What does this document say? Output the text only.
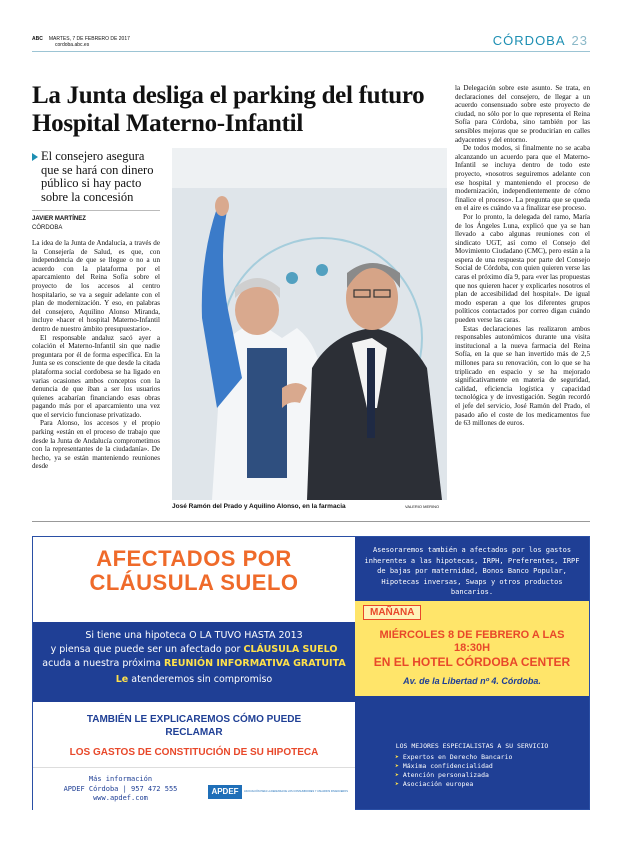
ABC MARTES, 7 DE FEBRERO DE 2017
cordoba.abc.es	CÓRDOBA 23
La Junta desliga el parking del futuro Hospital Materno-Infantil
El consejero asegura que se hará con dinero público si hay pacto sobre la concesión
JAVIER MARTÍNEZ
CÓRDOBA

La idea de la Junta de Andalucía, a través de la Consejería de Salud, es que, con independencia de que se llegue o no a un acuerdo con la plataforma por el aparcamiento del Reina Sofía sobre el proyecto de los accesos al centro hospitalario, se va a seguir adelante con el plan de modernización. Y eso, en palabras del consejero, Aquilino Alonso Miranda, incluye «hacer el hospital Materno-Infantil dentro de nuestro ámbito presupuestario».

El responsable andaluz sacó ayer a colación el Materno-Infantil sin que nadie preguntara por él de forma específica. En la Junta se es consciente de que desde la citada plataforma social cordobesa se ha ligado en varias ocasiones ambos conceptos con la denuncia de que iban a ser los usuarios quienes acabarían financiando esas obras pagando más por el aparcamiento una vez que el servicio funcionase privatizado.

Para Alonso, los accesos y el propio parking «están en el proceso de trabajo que desde la Junta de Andalucía comprometimos con la representantes de la ciudadanía». De hecho, ya se están manteniendo reuniones desde

José Ramón del Prado y Aquilino Alonso, en la farmacia	VALERIO MERINO

la Delegación sobre este asunto. Se trata, en declaraciones del consejero, de llegar a un acuerdo consensuado sobre este proyecto de ciudad, no sólo por lo que representa el Reina Sofía para Córdoba, sino también por las sensibles mejoras que se producirían en calles adyacentes y del entorno.

De todos modos, si finalmente no se acaba alcanzando un acuerdo para que el Materno-Infantil se incluya dentro de todo este proyecto, «nosotros seguiremos adelante con ese hospital y manteniendo el proceso de modernización, independientemente de cómo finalice el proceso». La pregunta que se queda en el aire es cuándo va a finalizar ese proceso.

Por lo pronto, la delegada del ramo, María de los Ángeles Luna, explicó que ya se han llevado a cabo algunas reuniones con el sindicato UGT, así como el Consejo del Movimiento Ciudadano (CMC), pero están a la espera de una respuesta por parte del Consejo Social de Córdoba, con quien quieren verse las caras el próximo día 9, para «ver las propuestas que nos quieren hacer y explicarles nosotros el plan de accesibilidad del hospital». De igual modo esperan a que los diferentes grupos políticos contactados por correo digan cuándo pueden verse las caras.

Estas declaraciones las realizaron ambos responsables autonómicos durante una visita institucional a la nueva farmacia del Reina Sofía, en la que se han invertido más de 2,5 millones para su renovación, con lo que se ha triplicado en espacio y se ha mejorado significativamente en materia de seguridad, calidad, eficiencia logística y capacidad tecnológica y de investigación. Según recordó el jefe del servicio, José Ramón del Prado, el pasado año el coste de los medicamentos fue de 63 millones de euros.

AFECTADOS POR
CLÁUSULA SUELO
Si tiene una hipoteca O LA TUVO HASTA 2013
y piensa que puede ser un afectado por CLÁUSULA SUELO
acuda a nuestra próxima REUNIÓN INFORMATIVA GRATUITA
Le atenderemos sin compromiso
TAMBIÉN LE EXPLICAREMOS CÓMO PUEDE
RECLAMAR
LOS GASTOS DE CONSTITUCIÓN DE SU HIPOTECA
Más información
APDEF Córdoba | 957 472 555
www.apdef.com
APDEF	ASOCIACIÓN PARA LA DEFENSA DE LOS CONSUMIDORES Y USUARIOS FINANCIEROS
Asesoraremos también a afectados por los gastos inherentes a las hipotecas, IRPH, Preferentes, IRPF de bajas por maternidad, Bonos Banco Popular, Hipotecas inversas, Swaps y otros productos bancarios.
MAÑANA
MIÉRCOLES 8 DE FEBRERO A LAS
18:30H
EN EL HOTEL CÓRDOBA CENTER
Av. de la Libertad nº 4. Córdoba.
LOS MEJORES ESPECIALISTAS A SU SERVICIO
➤ Expertos en Derecho Bancario
➤ Máxima confidencialidad
➤ Atención personalizada
➤ Asociación europea
